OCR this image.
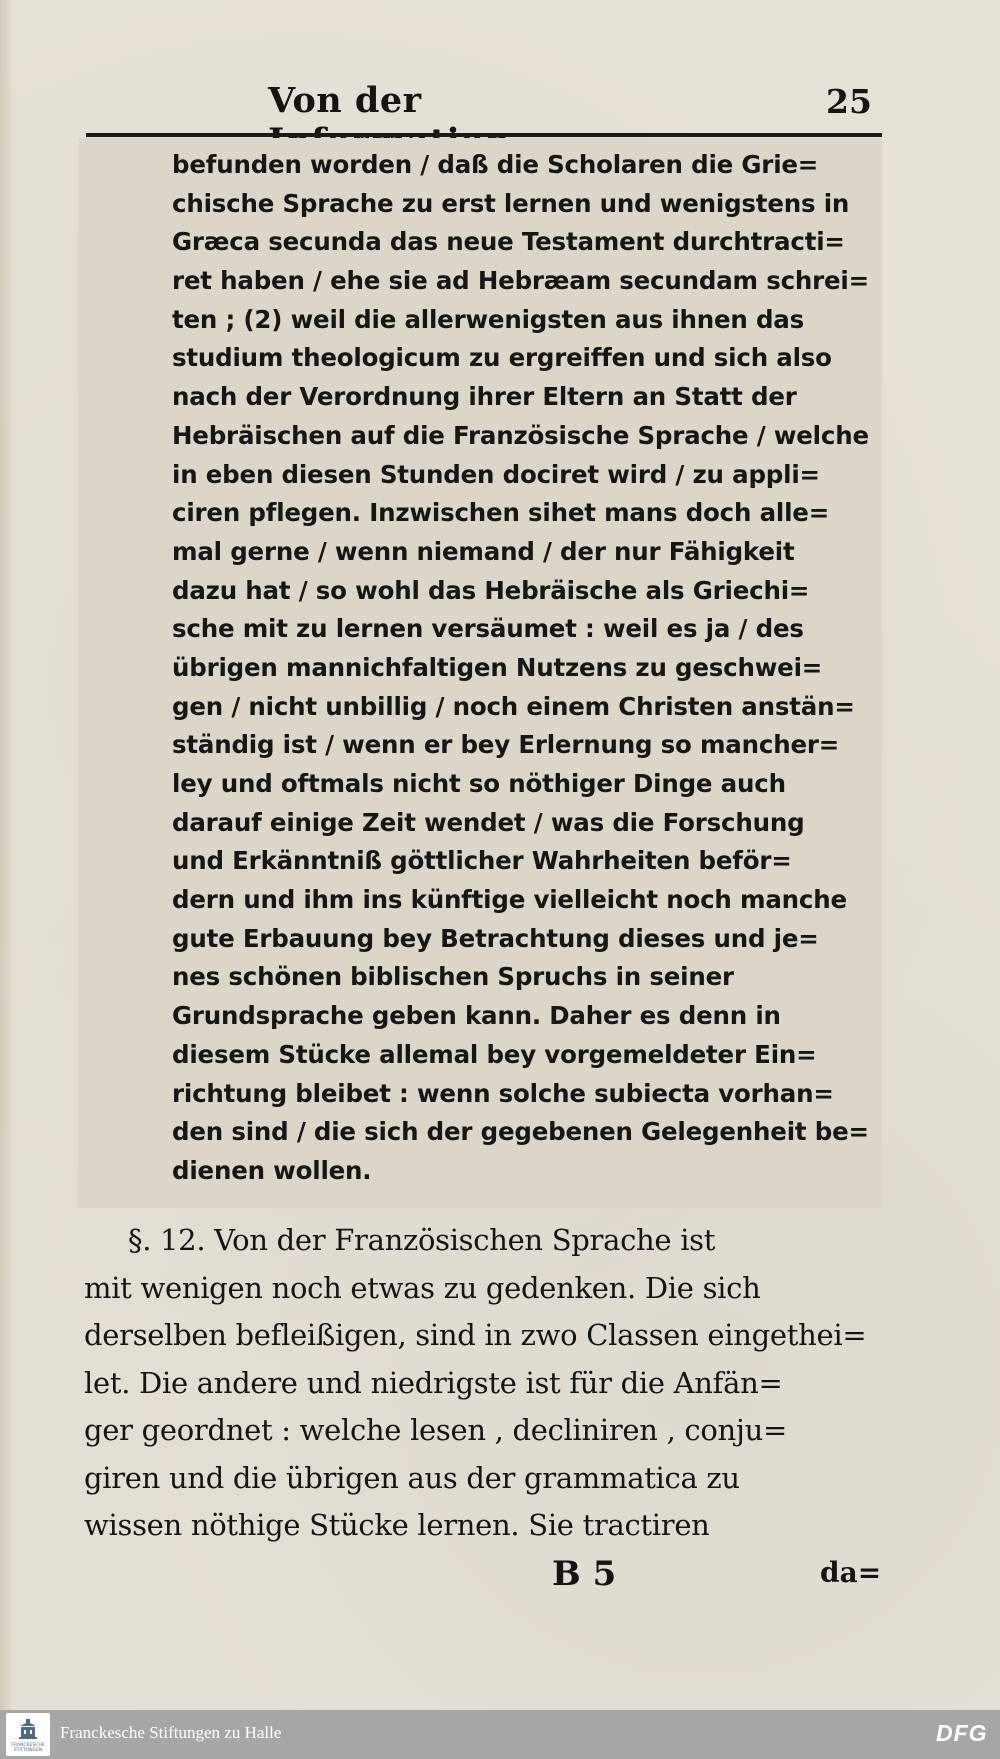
Von der	25
befunden worden / daß die Scholaren die Grie=
chische Sprache zu erst lernen und wenigstens in
Græca secunda das neue Testament durchtracti=
ret haben / ehe sie ad Hebræam secundam schrei=
ten ; (2) weil die allerwenigsten aus ihnen das
studium theologicum zu ergreiffen und sich also
nach der Verordnung ihrer Eltern an Statt der
Hebräischen auf die Französische Sprache / welche
in eben diesen Stunden dociret wird / zu appli=
ciren pflegen. Inzwischen sihet mans doch alle=
mal gerne / wenn niemand / der nur Fähigkeit
dazu hat / so wohl das Hebräische als Griechi=
sche mit zu lernen versäumet : weil es ja / des
übrigen mannichfaltigen Nutzens zu geschwei=
gen / nicht unbillig / noch einem Christen anstän=
ständig ist / wenn er bey Erlernung so mancher=
ley und oftmals nicht so nöthiger Dinge auch
darauf einige Zeit wendet / was die Forschung
und Erkänntniß göttlicher Wahrheiten beför=
dern und ihm ins künftige vielleicht noch manche
gute Erbauung bey Betrachtung dieses und je=
nes schönen biblischen Spruchs in seiner
Grundsprache geben kann. Daher es denn in
diesem Stücke allemal bey vorgemeldeter Ein=
richtung bleibet : wenn solche subiecta vorhan=
den sind / die sich der gegebenen Gelegenheit be=
dienen wollen.
§. 12. Von der Französischen Sprache ist
mit wenigen noch etwas zu gedenken. Die sich
derselben befleißigen, sind in zwo Classen eingethei=
let. Die andere und niedrigste ist für die Anfän=
ger geordnet : welche lesen , decliniren , conju=
giren und die übrigen aus der grammatica zu
wissen nöthige Stücke lernen. Sie tractiren
B 5	da=
FRANCKESCHE STIFTUNGEN
Franckesche Stiftungen zu Halle	DFG
